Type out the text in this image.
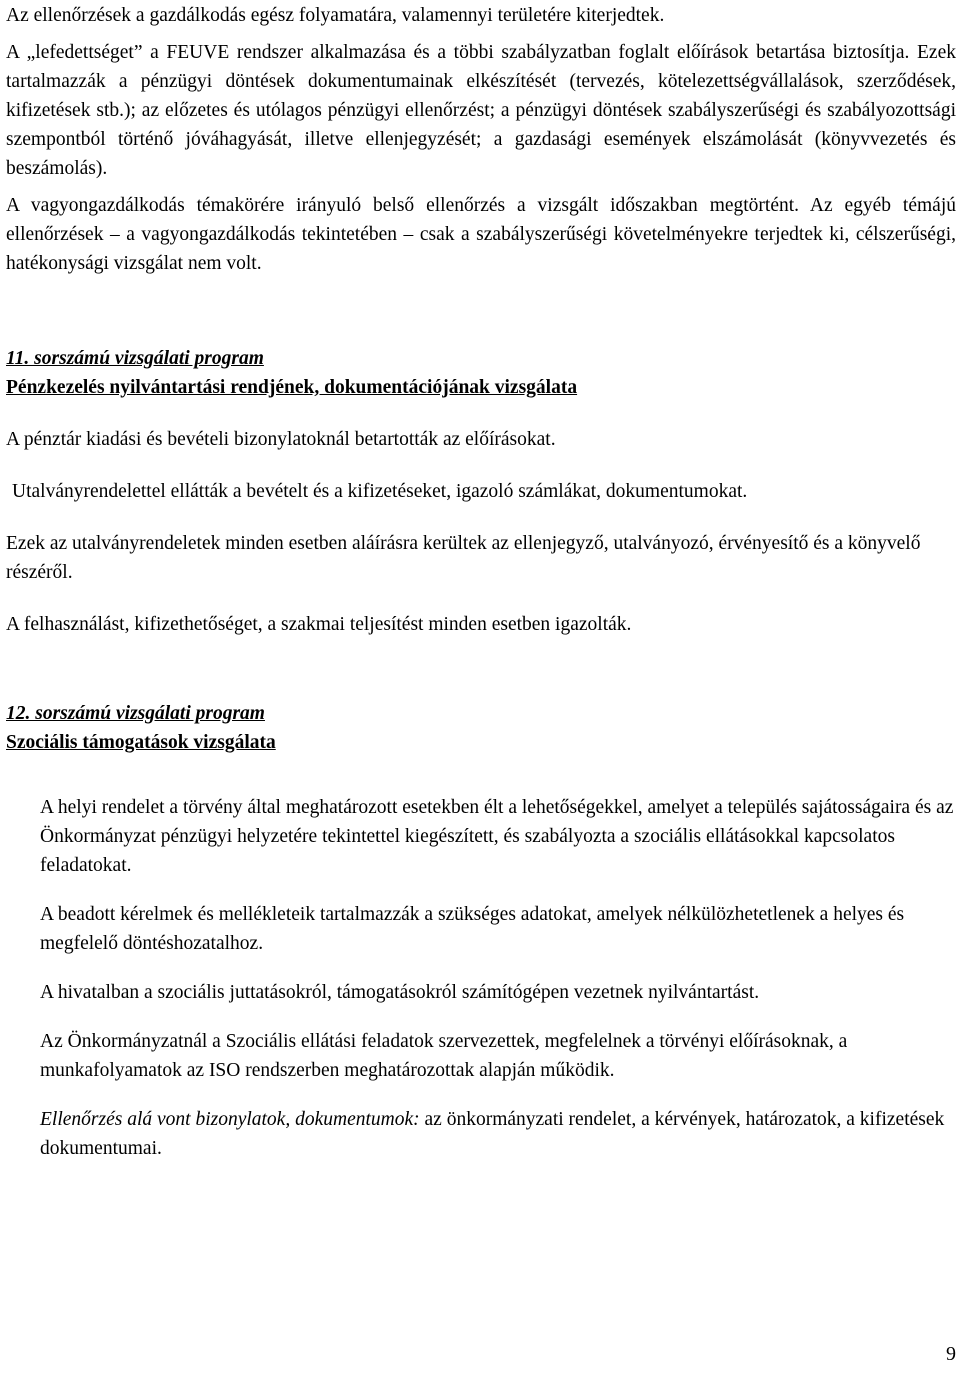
Az ellenőrzések a gazdálkodás egész folyamatára, valamennyi területére kiterjedtek.

A „lefedettséget” a FEUVE rendszer alkalmazása és a többi szabályzatban foglalt előírások betartása biztosítja. Ezek tartalmazzák a pénzügyi döntések dokumentumainak elkészítését (tervezés, kötelezettségvállalások, szerződések, kifizetések stb.); az előzetes és utólagos pénzügyi ellenőrzést; a pénzügyi döntések szabályszerűségi és szabályozottsági szempontból történő jóváhagyását, illetve ellenjegyzését; a gazdasági események elszámolását (könyvvezetés és beszámolás).

A vagyongazdálkodás témakörére irányuló belső ellenőrzés a vizsgált időszakban megtörtént. Az egyéb témájú ellenőrzések – a vagyongazdálkodás tekintetében – csak a szabályszerűségi követelményekre terjedtek ki, célszerűségi, hatékonysági vizsgálat nem volt.

11. sorszámú vizsgálati program

Pénzkezelés nyilvántartási rendjének, dokumentációjának vizsgálata

A pénztár kiadási és bevételi bizonylatoknál betartották az előírásokat.

Utalványrendelettel ellátták a bevételt és a kifizetéseket, igazoló számlákat, dokumentumokat.

Ezek az utalványrendeletek minden esetben aláírásra kerültek az ellenjegyző, utalványozó, érvényesítő és a könyvelő részéről.

A felhasználást, kifizethetőséget, a szakmai teljesítést minden esetben igazolták.

12. sorszámú vizsgálati program

Szociális támogatások vizsgálata

A helyi rendelet a törvény által meghatározott esetekben élt a lehetőségekkel, amelyet a település sajátosságaira és az Önkormányzat pénzügyi helyzetére tekintettel kiegészített, és szabályozta a szociális ellátásokkal kapcsolatos feladatokat.

A beadott kérelmek és mellékleteik tartalmazzák a szükséges adatokat, amelyek nélkülözhetetlenek a helyes és megfelelő döntéshozatalhoz.

A hivatalban a szociális juttatásokról, támogatásokról számítógépen vezetnek nyilvántartást.

Az Önkormányzatnál a Szociális ellátási feladatok szervezettek, megfelelnek a törvényi előírásoknak, a munkafolyamatok az ISO rendszerben meghatározottak alapján működik.

Ellenőrzés alá vont bizonylatok, dokumentumok: az önkormányzati rendelet, a kérvények, határozatok, a kifizetések dokumentumai.

9
